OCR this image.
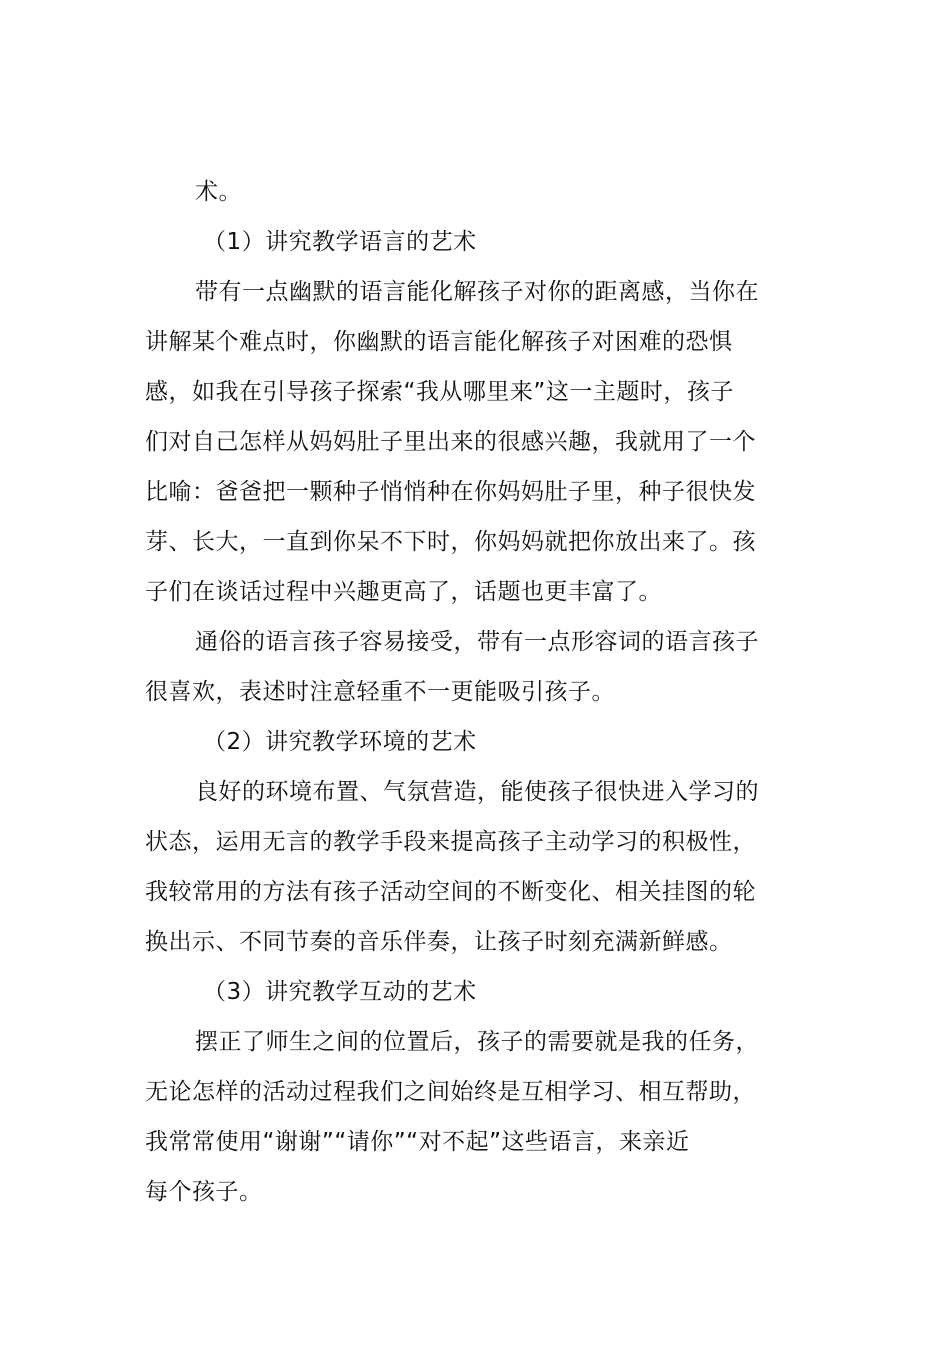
术。
（1）讲究教学语言的艺术
带有一点幽默的语言能化解孩子对你的距离感，当你在
讲解某个难点时，你幽默的语言能化解孩子对困难的恐惧
感，如我在引导孩子探索“我从哪里来”这一主题时，孩子
们对自己怎样从妈妈肚子里出来的很感兴趣，我就用了一个
比喻：爸爸把一颗种子悄悄种在你妈妈肚子里，种子很快发
芽、长大，一直到你呆不下时，你妈妈就把你放出来了。孩
子们在谈话过程中兴趣更高了，话题也更丰富了。
通俗的语言孩子容易接受，带有一点形容词的语言孩子
很喜欢，表述时注意轻重不一更能吸引孩子。
（2）讲究教学环境的艺术
良好的环境布置、气氛营造，能使孩子很快进入学习的
状态，运用无言的教学手段来提高孩子主动学习的积极性，
我较常用的方法有孩子活动空间的不断变化、相关挂图的轮
换出示、不同节奏的音乐伴奏，让孩子时刻充满新鲜感。
（3）讲究教学互动的艺术
摆正了师生之间的位置后，孩子的需要就是我的任务，
无论怎样的活动过程我们之间始终是互相学习、相互帮助，
我常常使用“谢谢”“请你”“对不起”这些语言，来亲近
每个孩子。
